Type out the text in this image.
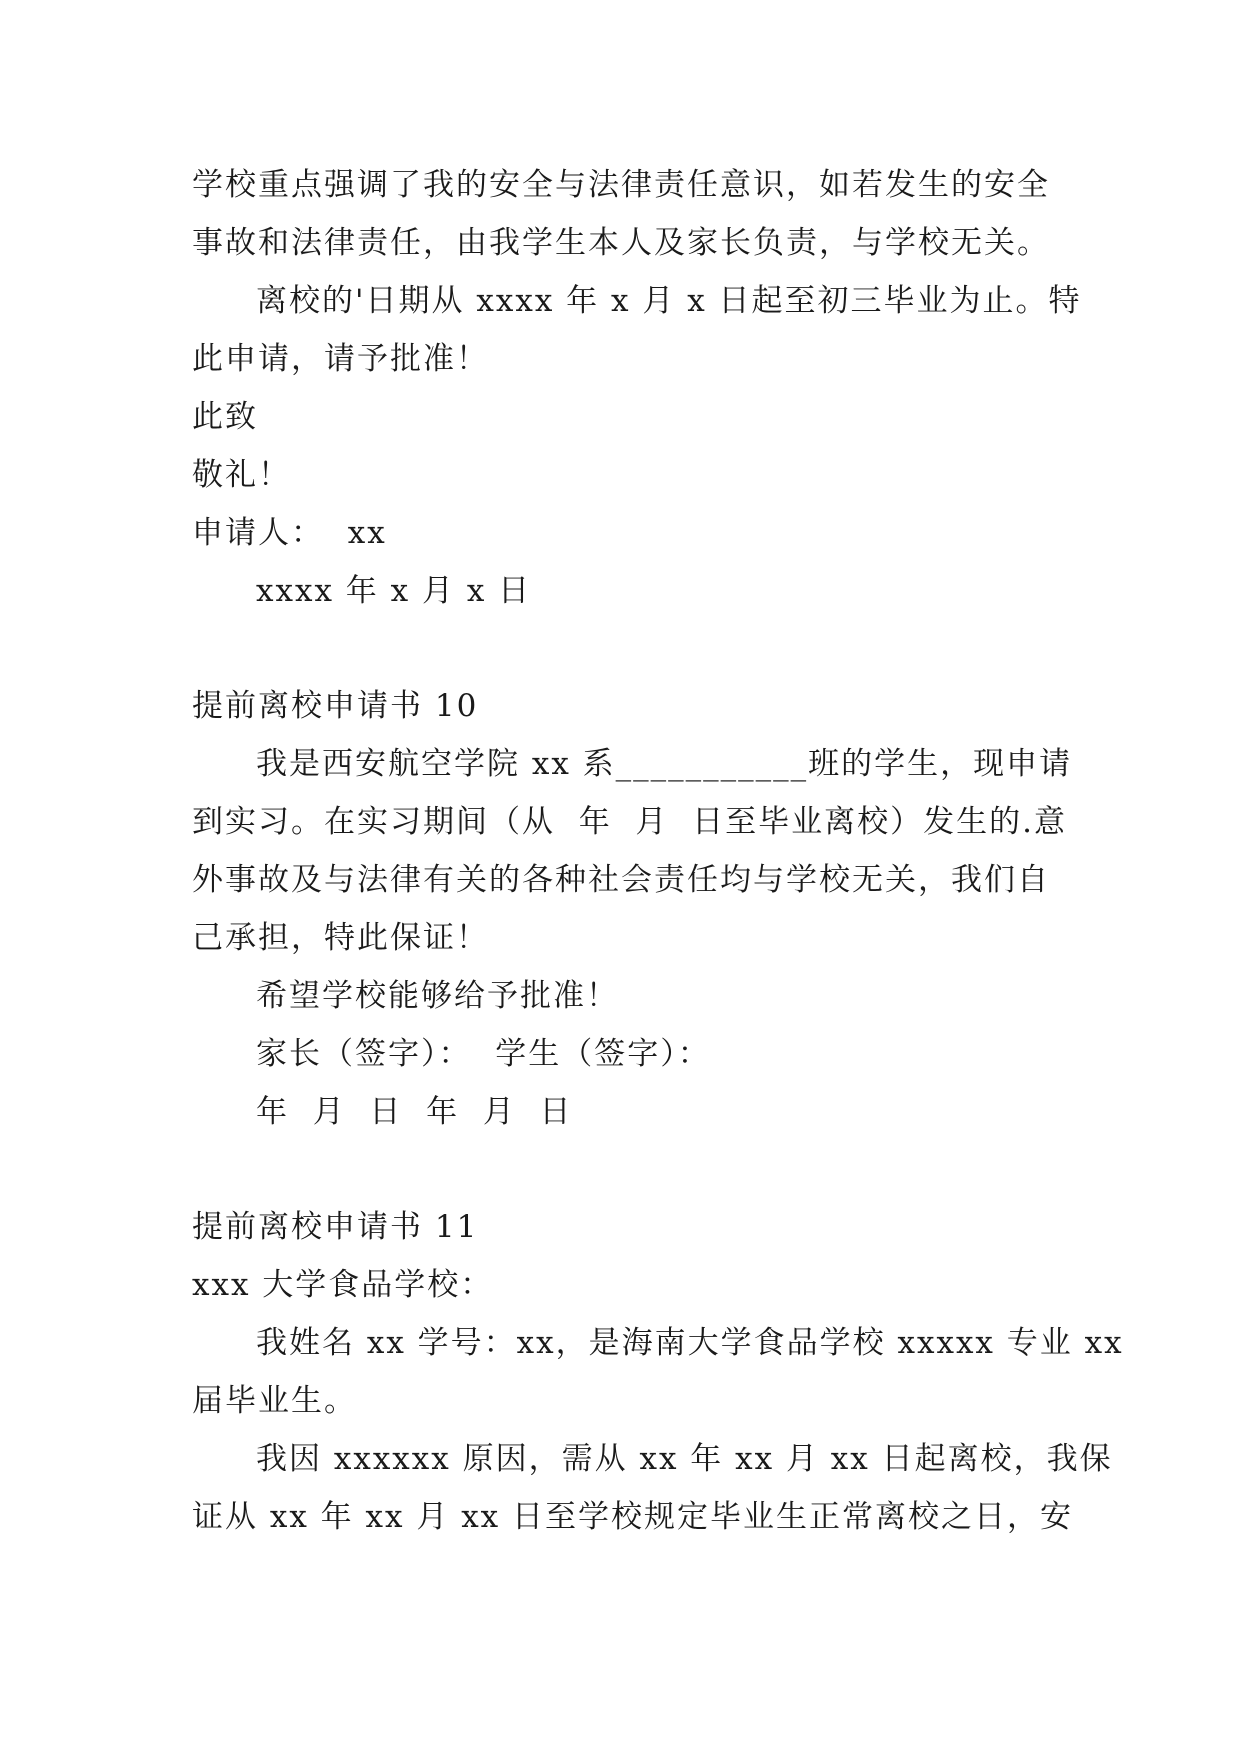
学校重点强调了我的安全与法律责任意识，如若发生的安全
事故和法律责任，由我学生本人及家长负责，与学校无关。
离校的'日期从 xxxx 年 x 月 x 日起至初三毕业为止。特
此申请，请予批准！
此致
敬礼！
申请人：  xx
xxxx 年 x 月 x 日
提前离校申请书 10
我是西安航空学院 xx 系___________班的学生，现申请
到实习。在实习期间（从  年  月  日至毕业离校）发生的.意
外事故及与法律有关的各种社会责任均与学校无关，我们自
己承担，特此保证！
希望学校能够给予批准！
家长（签字）：  学生（签字）：
年  月  日  年  月  日
提前离校申请书 11
xxx 大学食品学校：
我姓名 xx 学号：xx，是海南大学食品学校 xxxxx 专业 xx
届毕业生。
我因 xxxxxx 原因，需从 xx 年 xx 月 xx 日起离校，我保
证从 xx 年 xx 月 xx 日至学校规定毕业生正常离校之日，安
